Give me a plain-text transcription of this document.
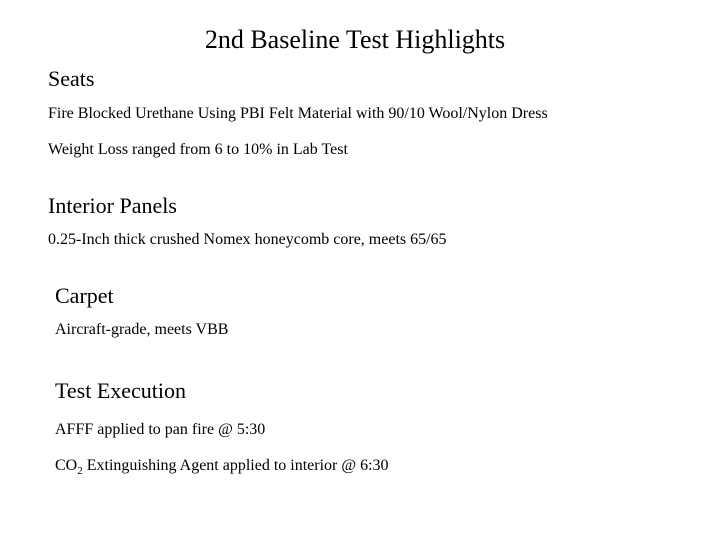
2nd Baseline Test Highlights
Seats
Fire Blocked Urethane Using PBI Felt Material with 90/10 Wool/Nylon Dress
Weight Loss ranged from 6 to 10% in Lab Test
Interior Panels
0.25-Inch thick crushed Nomex honeycomb core, meets 65/65
Carpet
Aircraft-grade, meets VBB
Test Execution
AFFF applied to pan fire @ 5:30
$CO_2$ Extinguishing Agent applied to interior @ 6:30
